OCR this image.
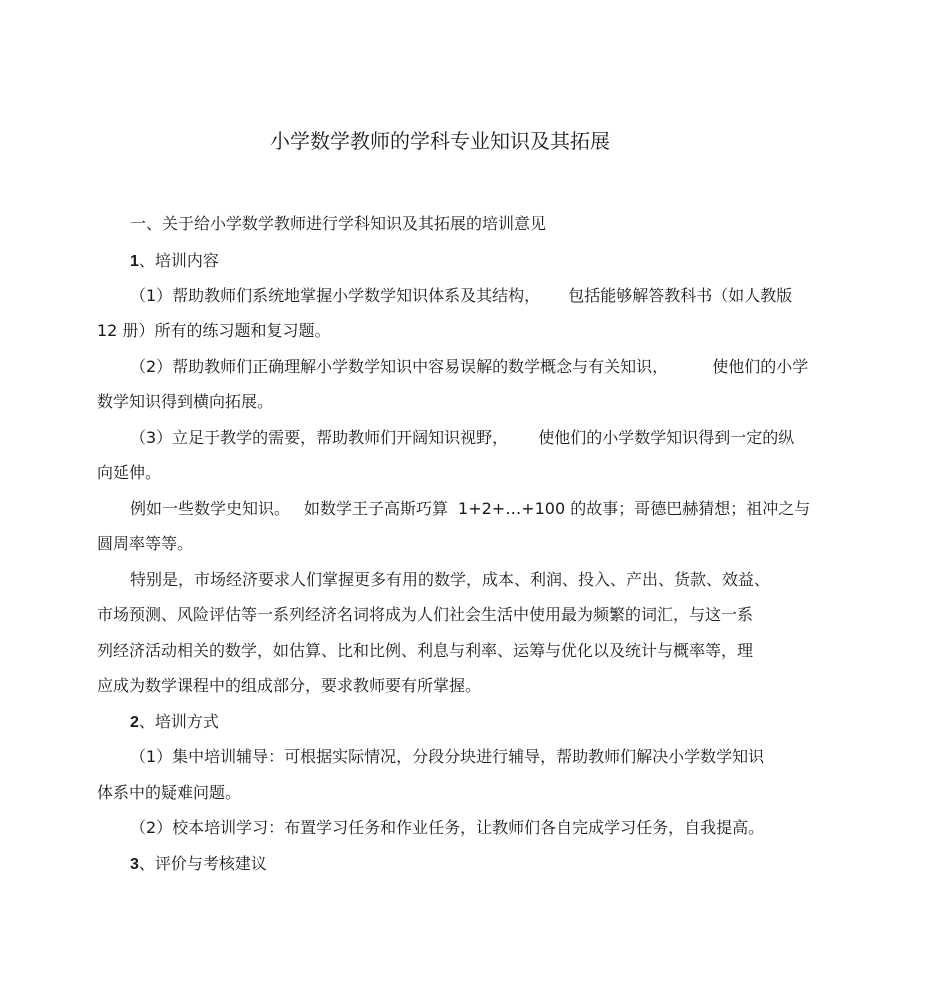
小学数学教师的学科专业知识及其拓展
一、关于给小学数学教师进行学科知识及其拓展的培训意见
1、培训内容
（1）帮助教师们系统地掌握小学数学知识体系及其结构， 包括能够解答教科书（如人教版
12 册）所有的练习题和复习题。
（2）帮助教师们正确理解小学数学知识中容易误解的数学概念与有关知识，	使他们的小学
数学知识得到横向拓展。
（3）立足于教学的需要，帮助教师们开阔知识视野， 使他们的小学数学知识得到一定的纵
向延伸。
例如一些数学史知识。 如数学王子高斯巧算 1+2+…+100 的故事；哥德巴赫猜想；祖冲之与
圆周率等等。
特别是，市场经济要求人们掌握更多有用的数学，成本、利润、投入、产出、货款、效益、
市场预测、风险评估等一系列经济名词将成为人们社会生活中使用最为频繁的词汇，与这一系
列经济活动相关的数学，如估算、比和比例、利息与利率、运筹与优化以及统计与概率等，理
应成为数学课程中的组成部分，要求教师要有所掌握。
2、培训方式
（1）集中培训辅导：可根据实际情况，分段分块进行辅导，帮助教师们解决小学数学知识
体系中的疑难问题。
（2）校本培训学习：布置学习任务和作业任务，让教师们各自完成学习任务，自我提高。
3、评价与考核建议
